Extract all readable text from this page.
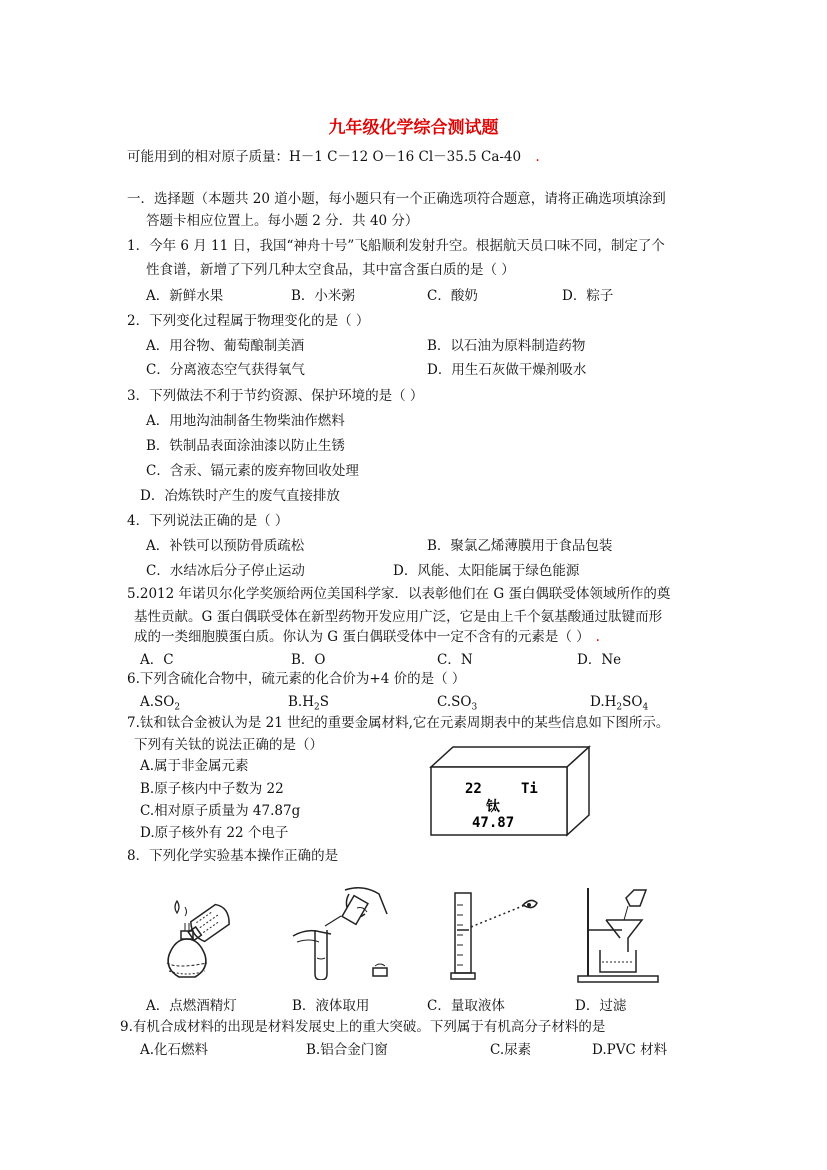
九年级化学综合测试题
可能用到的相对原子质量：H－1 C－12 O－16 Cl－35.5 Ca-40 .
一．选择题（本题共 20 道小题，每小题只有一个正确选项符合题意，请将正确选项填涂到
答题卡相应位置上。每小题 2 分．共 40 分）
1．今年 6 月 11 日，我国“神舟十号”飞船顺利发射升空。根据航天员口味不同，制定了个
性食谱，新增了下列几种太空食品，其中富含蛋白质的是（ ）
A．新鲜水果	B．小米粥	C．酸奶	D．粽子
2．下列变化过程属于物理变化的是（ ）
A．用谷物、葡萄酿制美酒	B．以石油为原料制造药物
C．分离液态空气获得氧气	D．用生石灰做干燥剂吸水
3．下列做法不利于节约资源、保护环境的是（ ）
A．用地沟油制备生物柴油作燃料
B．铁制品表面涂油漆以防止生锈
C．含汞、镉元素的废弃物回收处理
D．冶炼铁时产生的废气直接排放
4．下列说法正确的是（ ）
A．补铁可以预防骨质疏松	B．聚氯乙烯薄膜用于食品包装
C．水结冰后分子停止运动	D．风能、太阳能属于绿色能源
5.2012 年诺贝尔化学奖颁给两位美国科学家．以表彰他们在 G 蛋白偶联受体领域所作的奠
基性贡献。G 蛋白偶联受体在新型药物开发应用广泛，它是由上千个氨基酸通过肽键而形
成的一类细胞膜蛋白质。你认为 G 蛋白偶联受体中一定不含有的元素是（ ） .
A．C	B．O	C．N	D．Ne
6.下列含硫化合物中，硫元素的化合价为+4 价的是（ ）
$A.SO_2$	$B.H_2S$	$C.SO_3$	$D.H_2SO_4$
7.钛和钛合金被认为是 21 世纪的重要金属材料,它在元素周期表中的某些信息如下图所示。
下列有关钛的说法正确的是（）
A.属于非金属元素
B.原子核内中子数为 22
C.相对原子质量为 47.87g
D.原子核外有 22 个电子
22	Ti
钛
47.87
8．下列化学实验基本操作正确的是
A．点燃酒精灯	B．液体取用	C．量取液体	D．过滤
9.有机合成材料的出现是材料发展史上的重大突破。下列属于有机高分子材料的是
A.化石燃料	B.铝合金门窗	C.尿素	D.PVC 材料
